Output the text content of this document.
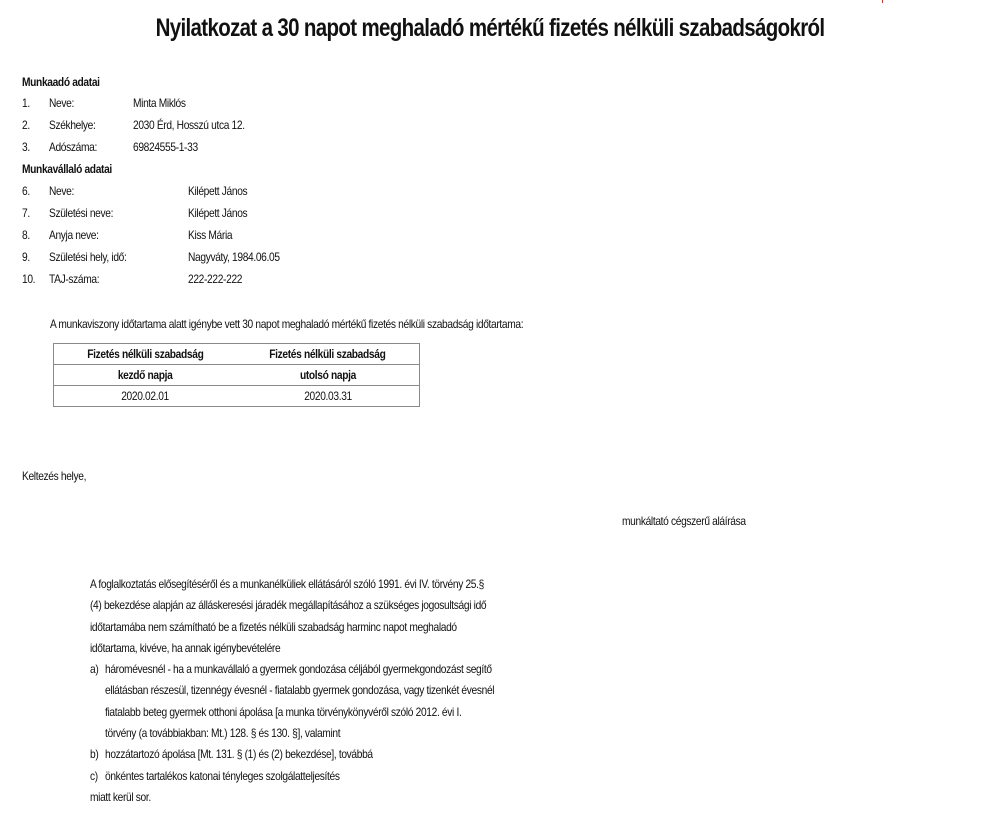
Nyilatkozat a 30 napot meghaladó mértékű fizetés nélküli szabadságokról
Munkaadó adatai
1. Neve:	Minta Miklós
2. Székhelye:	2030 Érd, Hosszú utca 12.
3. Adószáma:	69824555-1-33
Munkavállaló adatai
6. Neve:	Kilépett János
7. Születési neve:	Kilépett János
8. Anyja neve:	Kiss Mária
9. Születési hely, idő:	Nagyváty, 1984.06.05
10. TAJ-száma:	222-222-222
A munkaviszony időtartama alatt igénybe vett 30 napot meghaladó mértékű fizetés nélküli szabadság időtartama:
Fizetés nélküli szabadság	Fizetés nélküli szabadság
kezdő napja	utolsó napja
2020.02.01	2020.03.31
Keltezés helye,
munkáltató cégszerű aláírása
A foglalkoztatás elősegítéséről és a munkanélküliek ellátásáról szóló 1991. évi IV. törvény 25.§
(4) bekezdése alapján az álláskeresési járadék megállapításához a szükséges jogosultsági idő
időtartamába nem számítható be a fizetés nélküli szabadság harminc napot meghaladó
időtartama, kivéve, ha annak igénybevételére
a) háromévesnél - ha a munkavállaló a gyermek gondozása céljából gyermekgondozást segítő
ellátásban részesül, tizennégy évesnél - fiatalabb gyermek gondozása, vagy tizenkét évesnél
fiatalabb beteg gyermek otthoni ápolása [a munka törvénykönyvéről szóló 2012. évi I.
törvény (a továbbiakban: Mt.) 128. § és 130. §], valamint
b) hozzátartozó ápolása [Mt. 131. § (1) és (2) bekezdése], továbbá
c) önkéntes tartalékos katonai tényleges szolgálatteljesítés
miatt kerül sor.
